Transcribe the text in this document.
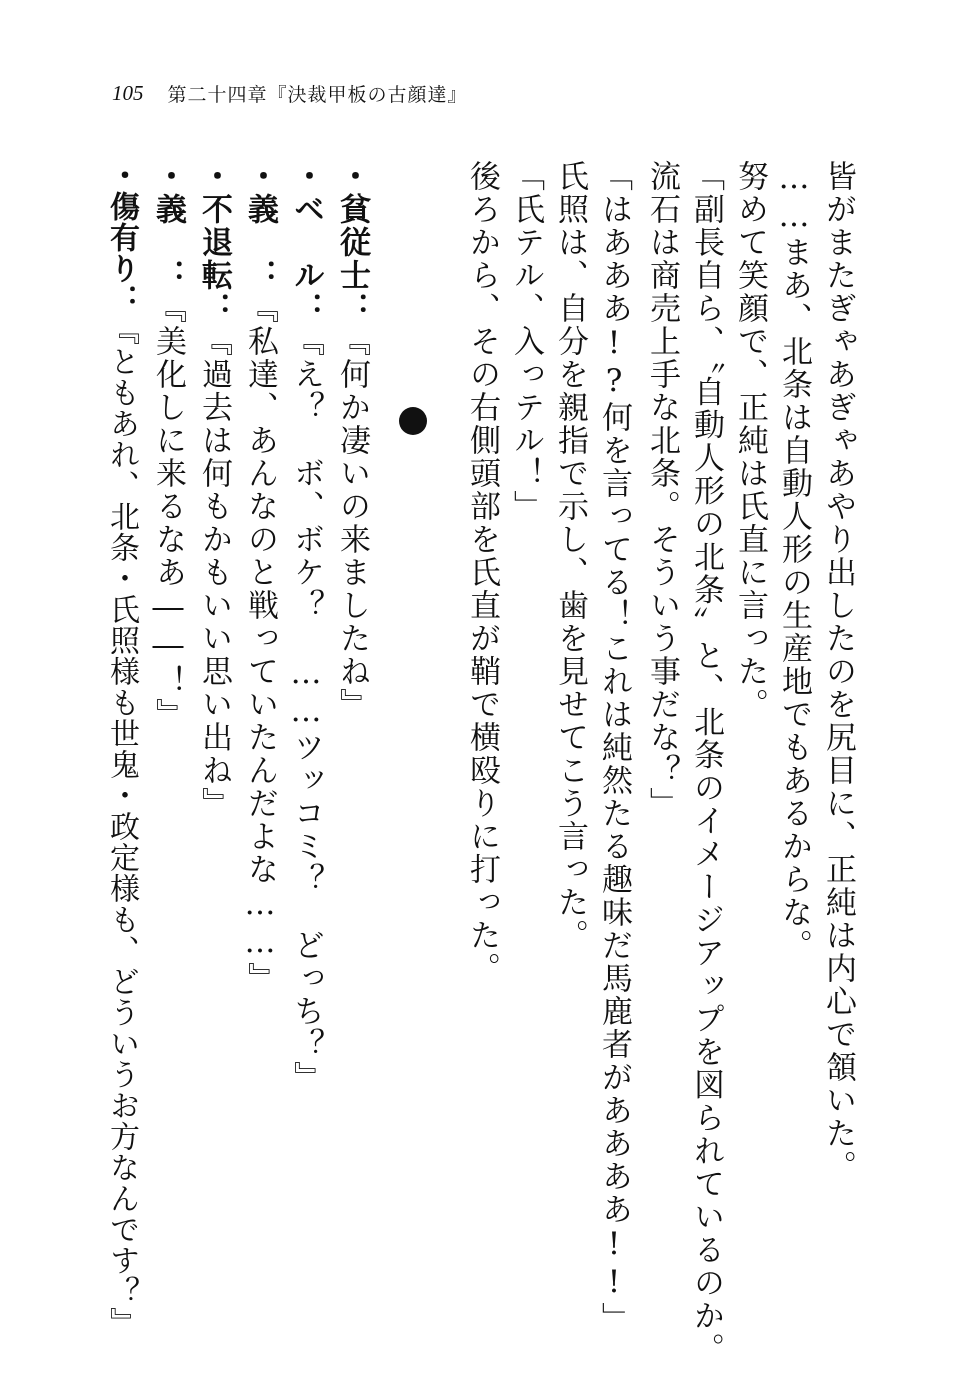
105 第二十四章『決裁甲板の古顔達』
皆がまたぎゃあぎゃあやり出したのを尻目に、正純は内心で頷いた。
……まあ、北条は自動人形の生産地でもあるからな。
努めて笑顔で、正純は氏直に言った。
「副長自ら、〝自動人形の北条〟と、北条のイメージアップを図られているのか。
流石は商売上手な北条。そういう事だな？」
「はあああ!?何を言ってる！これは純然たる趣味だ馬鹿者がああああ!!」
氏照は、自分を親指で示し、歯を見せてこう言った。
「氏テル、入っテル！」
後ろから、その右側頭部を氏直が鞘で横殴りに打った。
・貧従士：『何か凄いの来ましたね』
・ベ　ル：『え？　ボ、ボケ？　……ツッコミ？　どっち？』
・義　：『私達、あんなのと戦っていたんだよな……』
・不退転：『過去は何もかもいい思い出ね』
・義　：『美化しに来るなあ――！』
・傷有り：『ともあれ、北条・氏照様も世鬼・政定様も、どういうお方なんです？』
